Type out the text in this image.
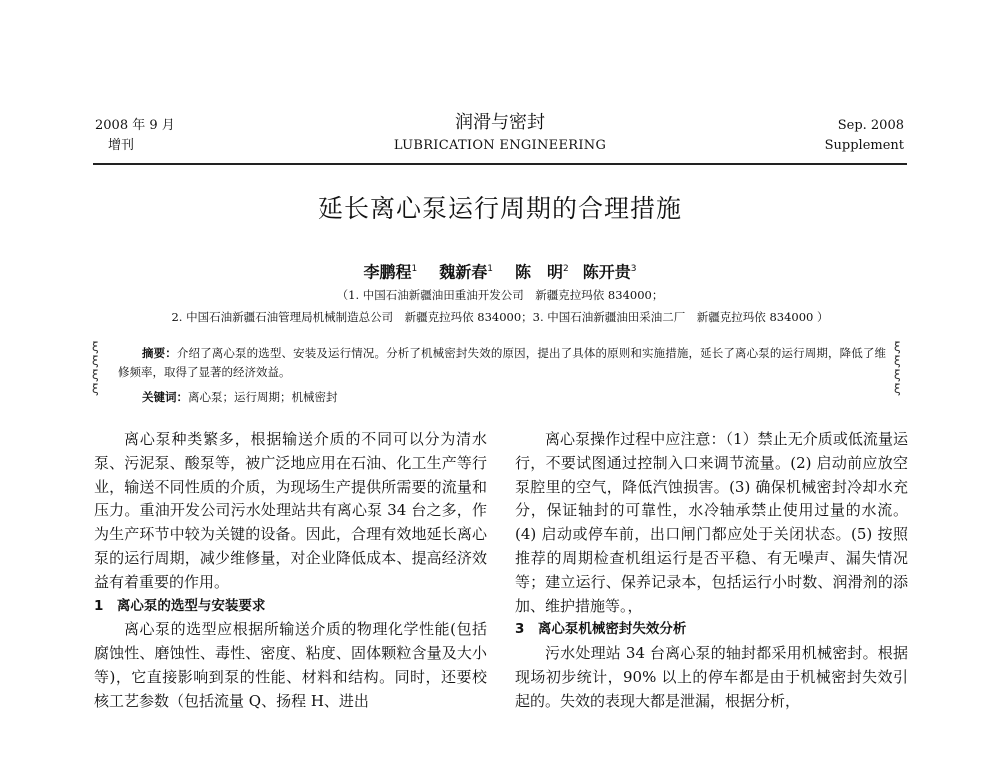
2008 年 9 月
增刊
润滑与密封
LUBRICATION ENGINEERING
Sep. 2008
Supplement
延长离心泵运行周期的合理措施
李鹏程$^1$ 魏新春$^1$ 陈　明$^2$ 陈开贵$^3$
（1. 中国石油新疆油田重油开发公司　新疆克拉玛依 834000；
2. 中国石油新疆石油管理局机械制造总公司　新疆克拉玛依 834000；3. 中国石油新疆油田采油二厂　新疆克拉玛依 834000 ）
ξ
ξ
ξ
ξ
ξ
ξ
ξ
ξ
摘要：介绍了离心泵的选型、安装及运行情况。分析了机械密封失效的原因，提出了具体的原则和实施措施，延长了离心泵的运行周期，降低了维修频率，取得了显著的经济效益。
关键词：离心泵；运行周期；机械密封

离心泵种类繁多，根据输送介质的不同可以分为清水泵、污泥泵、酸泵等，被广泛地应用在石油、化工生产等行业，输送不同性质的介质，为现场生产提供所需要的流量和压力。重油开发公司污水处理站共有离心泵 34 台之多，作为生产环节中较为关键的设备。因此，合理有效地延长离心泵的运行周期，减少维修量，对企业降低成本、提高经济效益有着重要的作用。

1　离心泵的选型与安装要求

离心泵的选型应根据所输送介质的物理化学性能(包括腐蚀性、磨蚀性、毒性、密度、粘度、固体颗粒含量及大小等)，它直接影响到泵的性能、材料和结构。同时，还要校核工艺参数（包括流量 Q、扬程 H、进出

离心泵操作过程中应注意：（1）禁止无介质或低流量运行，不要试图通过控制入口来调节流量。(2) 启动前应放空泵腔里的空气，降低汽蚀损害。(3) 确保机械密封冷却水充分，保证轴封的可靠性，水冷轴承禁止使用过量的水流。(4) 启动或停车前，出口闸门都应处于关闭状态。(5) 按照推荐的周期检查机组运行是否平稳、有无噪声、漏失情况等；建立运行、保养记录本，包括运行小时数、润滑剂的添加、维护措施等。，

3　离心泵机械密封失效分析

污水处理站 34 台离心泵的轴封都采用机械密封。根据现场初步统计，90% 以上的停车都是由于机械密封失效引起的。失效的表现大都是泄漏，根据分析，
